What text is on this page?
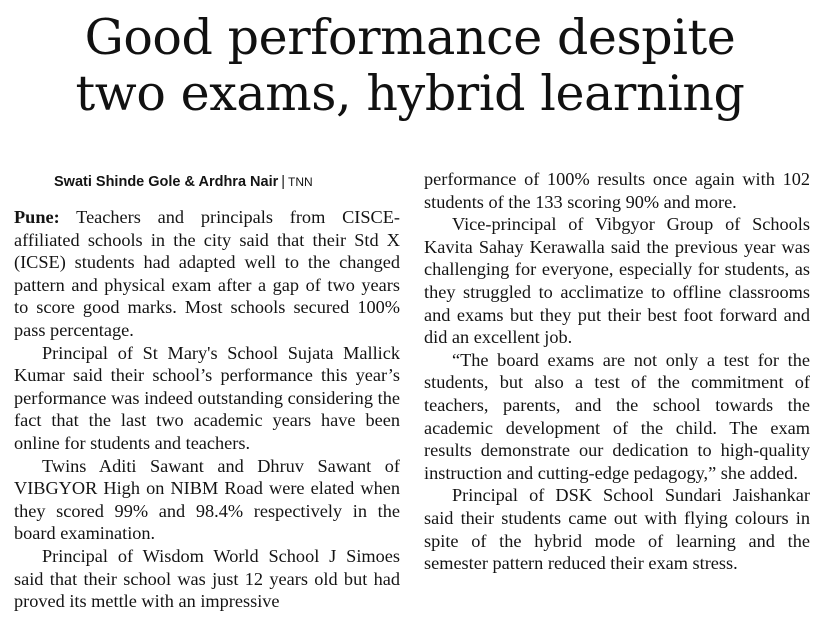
Good performance despite
two exams, hybrid learning
Swati Shinde Gole & Ardhra Nair | TNN

Pune: Teachers and principals from CISCE-affiliated schools in the city said that their Std X (ICSE) students had adapted well to the changed pattern and physical exam after a gap of two years to score good marks. Most schools secured 100% pass percentage.

Principal of St Mary's School Sujata Mallick Kumar said their school’s performance this year’s performance was indeed outstanding considering the fact that the last two academic years have been online for students and teachers.

Twins Aditi Sawant and Dhruv Sawant of VIBGYOR High on NIBM Road were elated when they scored 99% and 98.4% respectively in the board examination.

Principal of Wisdom World School J Simoes said that their school was just 12 years old but had proved its mettle with an impressive

performance of 100% results once again with 102 students of the 133 scoring 90% and more.

Vice-principal of Vibgyor Group of Schools Kavita Sahay Kerawalla said the previous year was challenging for everyone, especially for students, as they struggled to acclimatize to offline classrooms and exams but they put their best foot forward and did an excellent job.

“The board exams are not only a test for the students, but also a test of the commitment of teachers, parents, and the school towards the academic development of the child. The exam results demonstrate our dedication to high-quality instruction and cutting-edge pedagogy,” she added.

Principal of DSK School Sundari Jaishankar said their students came out with flying colours in spite of the hybrid mode of learning and the semester pattern reduced their exam stress.
